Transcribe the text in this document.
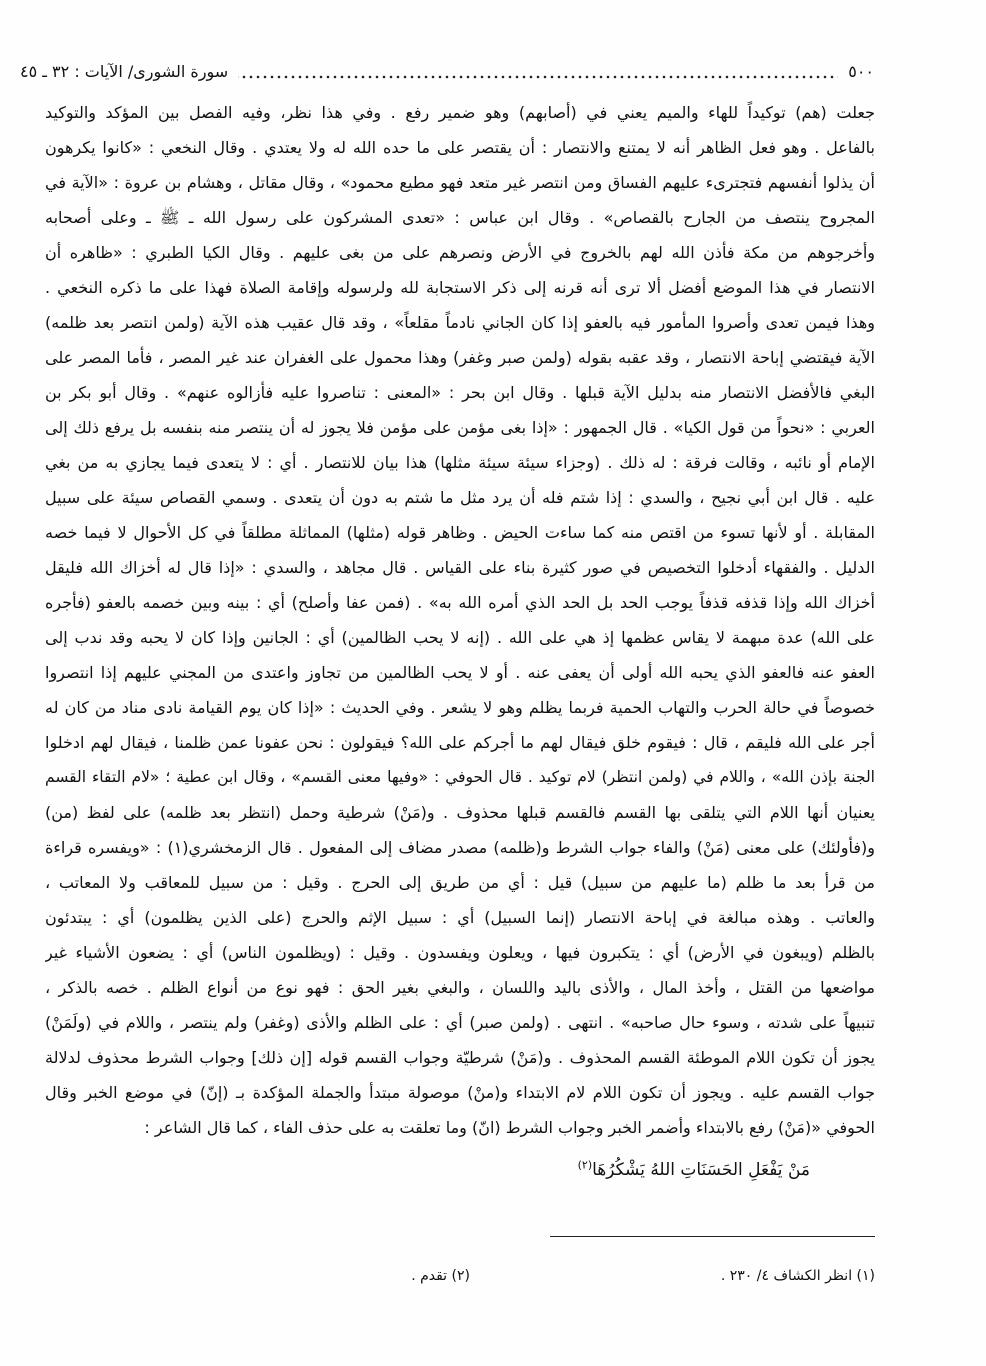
٥٠٠
سورة الشورى/ الآيات : ٣٢ ـ ٤٥
جعلت (هم) توكيداً للهاء والميم يعني في (أصابهم) وهو ضمير رفع . وفي هذا نظر، وفيه الفصل بين المؤكد والتوكيد
بالفاعل . وهو فعل الظاهر أنه لا يمتنع والانتصار : أن يقتصر على ما حده الله له ولا يعتدي . وقال النخعي : «كانوا يكرهون
أن يذلوا أنفسهم فتجترىء عليهم الفساق ومن انتصر غير متعد فهو مطيع محمود» ، وقال مقاتل ، وهشام بن عروة : «الآية في
المجروح ينتصف من الجارح بالقصاص» . وقال ابن عباس : «تعدى المشركون على رسول الله ـ ﷺ ـ وعلى أصحابه
وأخرجوهم من مكة فأذن الله لهم بالخروج في الأرض ونصرهم على من بغى عليهم . وقال الكيا الطبري : «ظاهره أن
الانتصار في هذا الموضع أفضل ألا ترى أنه قرنه إلى ذكر الاستجابة لله ولرسوله وإقامة الصلاة فهذا على ما ذكره النخعي .
وهذا فيمن تعدى وأصروا المأمور فيه بالعفو إذا كان الجاني نادماً مقلعاً» ، وقد قال عقيب هذه الآية (ولمن انتصر بعد ظلمه)
الآية فيقتضي إباحة الانتصار ، وقد عقبه بقوله (ولمن صبر وغفر) وهذا محمول على الغفران عند غير المصر ، فأما المصر على
البغي فالأفضل الانتصار منه بدليل الآية قبلها . وقال ابن بحر : «المعنى : تناصروا عليه فأزالوه عنهم» . وقال أبو بكر بن
العربي : «نحواً من قول الكيا» . قال الجمهور : «إذا بغى مؤمن على مؤمن فلا يجوز له أن ينتصر منه بنفسه بل يرفع ذلك إلى
الإمام أو نائبه ، وقالت فرقة : له ذلك . (وجزاء سيئة سيئة مثلها) هذا بيان للانتصار . أي : لا يتعدى فيما يجازي به من بغي
عليه . قال ابن أبي نجيح ، والسدي : إذا شتم فله أن يرد مثل ما شتم به دون أن يتعدى . وسمي القصاص سيئة على سبيل
المقابلة . أو لأنها تسوء من اقتص منه كما ساءت الحيض . وظاهر قوله (مثلها) المماثلة مطلقاً في كل الأحوال لا فيما خصه
الدليل . والفقهاء أدخلوا التخصيص في صور كثيرة بناء على القياس . قال مجاهد ، والسدي : «إذا قال له أخزاك الله فليقل
أخزاك الله وإذا قذفه قذفاً يوجب الحد بل الحد الذي أمره الله به» . (فمن عفا وأصلح) أي : بينه وبين خصمه بالعفو (فأجره
على الله) عدة مبهمة لا يقاس عظمها إذ هي على الله . (إنه لا يحب الظالمين) أي : الجانين وإذا كان لا يحبه وقد ندب إلى
العفو عنه فالعفو الذي يحبه الله أولى أن يعفى عنه . أو لا يحب الظالمين من تجاوز واعتدى من المجني عليهم إذا انتصروا
خصوصاً في حالة الحرب والتهاب الحمية فربما يظلم وهو لا يشعر . وفي الحديث : «إذا كان يوم القيامة نادى مناد من كان له
أجر على الله فليقم ، قال : فيقوم خلق فيقال لهم ما أجركم على الله؟ فيقولون : نحن عفونا عمن ظلمنا ، فيقال لهم ادخلوا
الجنة بإذن الله» ، واللام في (ولمن انتظر) لام توكيد . قال الحوفي : «وفيها معنى القسم» ، وقال ابن عطية ؛ «لام التقاء القسم
يعنيان أنها اللام التي يتلقى بها القسم فالقسم قبلها محذوف . و(مَنْ) شرطية وحمل (انتظر بعد ظلمه) على لفظ (من)
و(فأولئك) على معنى (مَنْ) والفاء جواب الشرط و(ظلمه) مصدر مضاف إلى المفعول . قال الزمخشري(١) : «ويفسره قراءة
من قرأ بعد ما ظلم (ما عليهم من سبيل) قيل : أي من طريق إلى الحرج . وقيل : من سبيل للمعاقب ولا المعاتب ،
والعاتب . وهذه مبالغة في إباحة الانتصار (إنما السبيل) أي : سبيل الإثم والحرج (على الذين يظلمون) أي : يبتدئون
بالظلم (ويبغون في الأرض) أي : يتكبرون فيها ، ويعلون ويفسدون . وقيل : (ويظلمون الناس) أي : يضعون الأشياء غير
مواضعها من القتل ، وأخذ المال ، والأذى باليد واللسان ، والبغي بغير الحق : فهو نوع من أنواع الظلم . خصه بالذكر ،
تنبيهاً على شدته ، وسوء حال صاحبه» . انتهى . (ولمن صبر) أي : على الظلم والأذى (وغفر) ولم ينتصر ، واللام في (ولَمَنْ)
يجوز أن تكون اللام الموطئة القسم المحذوف . و(مَنْ) شرطيّة وجواب القسم قوله [إن ذلك] وجواب الشرط محذوف لدلالة
جواب القسم عليه . ويجوز أن تكون اللام لام الابتداء و(منْ) موصولة مبتدأ والجملة المؤكدة بـ (إنّ) في موضع الخبر وقال
الحوفي «(مَنْ) رفع بالابتداء وأضمر الخبر وجواب الشرط (انّ) وما تعلقت به على حذف الفاء ، كما قال الشاعر :
مَنْ يَفْعَلِ الحَسَنَاتِ اللهُ يَشْكُرُهَا$^{(٢)}$
(١) انظر الكشاف ٤/ ٢٣٠ .
(٢) تقدم .
